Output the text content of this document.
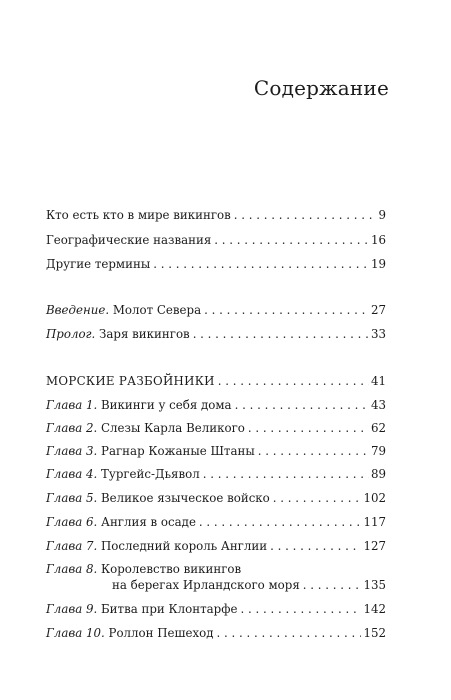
Содержание
Кто есть кто в мире викингов . . .	9
Географические названия . . .	16
Другие термины . . .	19
Введение. Молот Севера . . .	27
Пролог. Заря викингов . . .	33
МОРСКИЕ РАЗБОЙНИКИ . . .	41
Глава 1. Викинги у себя дома . . .	43
Глава 2. Слезы Карла Великого . . .	62
Глава 3. Рагнар Кожаные Штаны . . .	79
Глава 4. Тургейс-Дьявол . . .	89
Глава 5. Великое языческое войско . . .	102
Глава 6. Англия в осаде . . .	117
Глава 7. Последний король Англии . . .	127
Глава 8. Королевство викингов
на берегах Ирландского моря . . .	135
Глава 9. Битва при Клонтарфе . . .	142
Глава 10. Роллон Пешеход . . .	152
